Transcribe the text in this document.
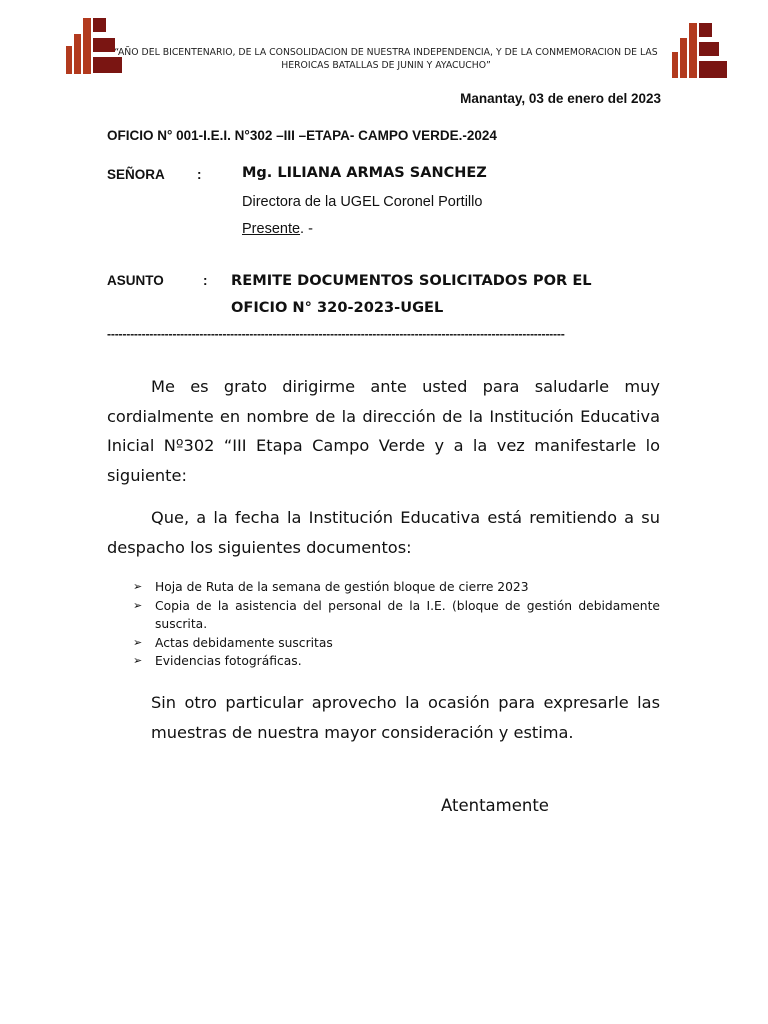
“AÑO DEL BICENTENARIO, DE LA CONSOLIDACION DE NUESTRA INDEPENDENCIA, Y DE LA CONMEMORACION DE LAS HEROICAS BATALLAS DE JUNIN Y AYACUCHO”
Manantay, 03 de enero del 2023
OFICIO N° 001-I.E.I. N°302 –III –ETAPA- CAMPO VERDE.-2024
SEÑORA :	Mg. LILIANA ARMAS SANCHEZ
Directora de la UGEL Coronel Portillo
Presente. -
ASUNTO	: REMITE DOCUMENTOS SOLICITADOS POR EL
OFICIO N° 320-2023-UGEL
-----------------------------------------------------------------------------------------------------------------------
Me es grato dirigirme ante usted para saludarle muy cordialmente en nombre de la dirección de la Institución Educativa Inicial Nº302 “III Etapa Campo Verde y a la vez manifestarle lo siguiente:
Que, a la fecha la Institución Educativa está remitiendo a su despacho los siguientes documentos:
➢ Hoja de Ruta de la semana de gestión bloque de cierre 2023
➢ Copia de la asistencia del personal de la I.E. (bloque de gestión debidamente suscrita.
➢ Actas debidamente suscritas
➢ Evidencias fotográficas.
Sin otro particular aprovecho la ocasión para expresarle las muestras de nuestra mayor consideración y estima.
Atentamente
